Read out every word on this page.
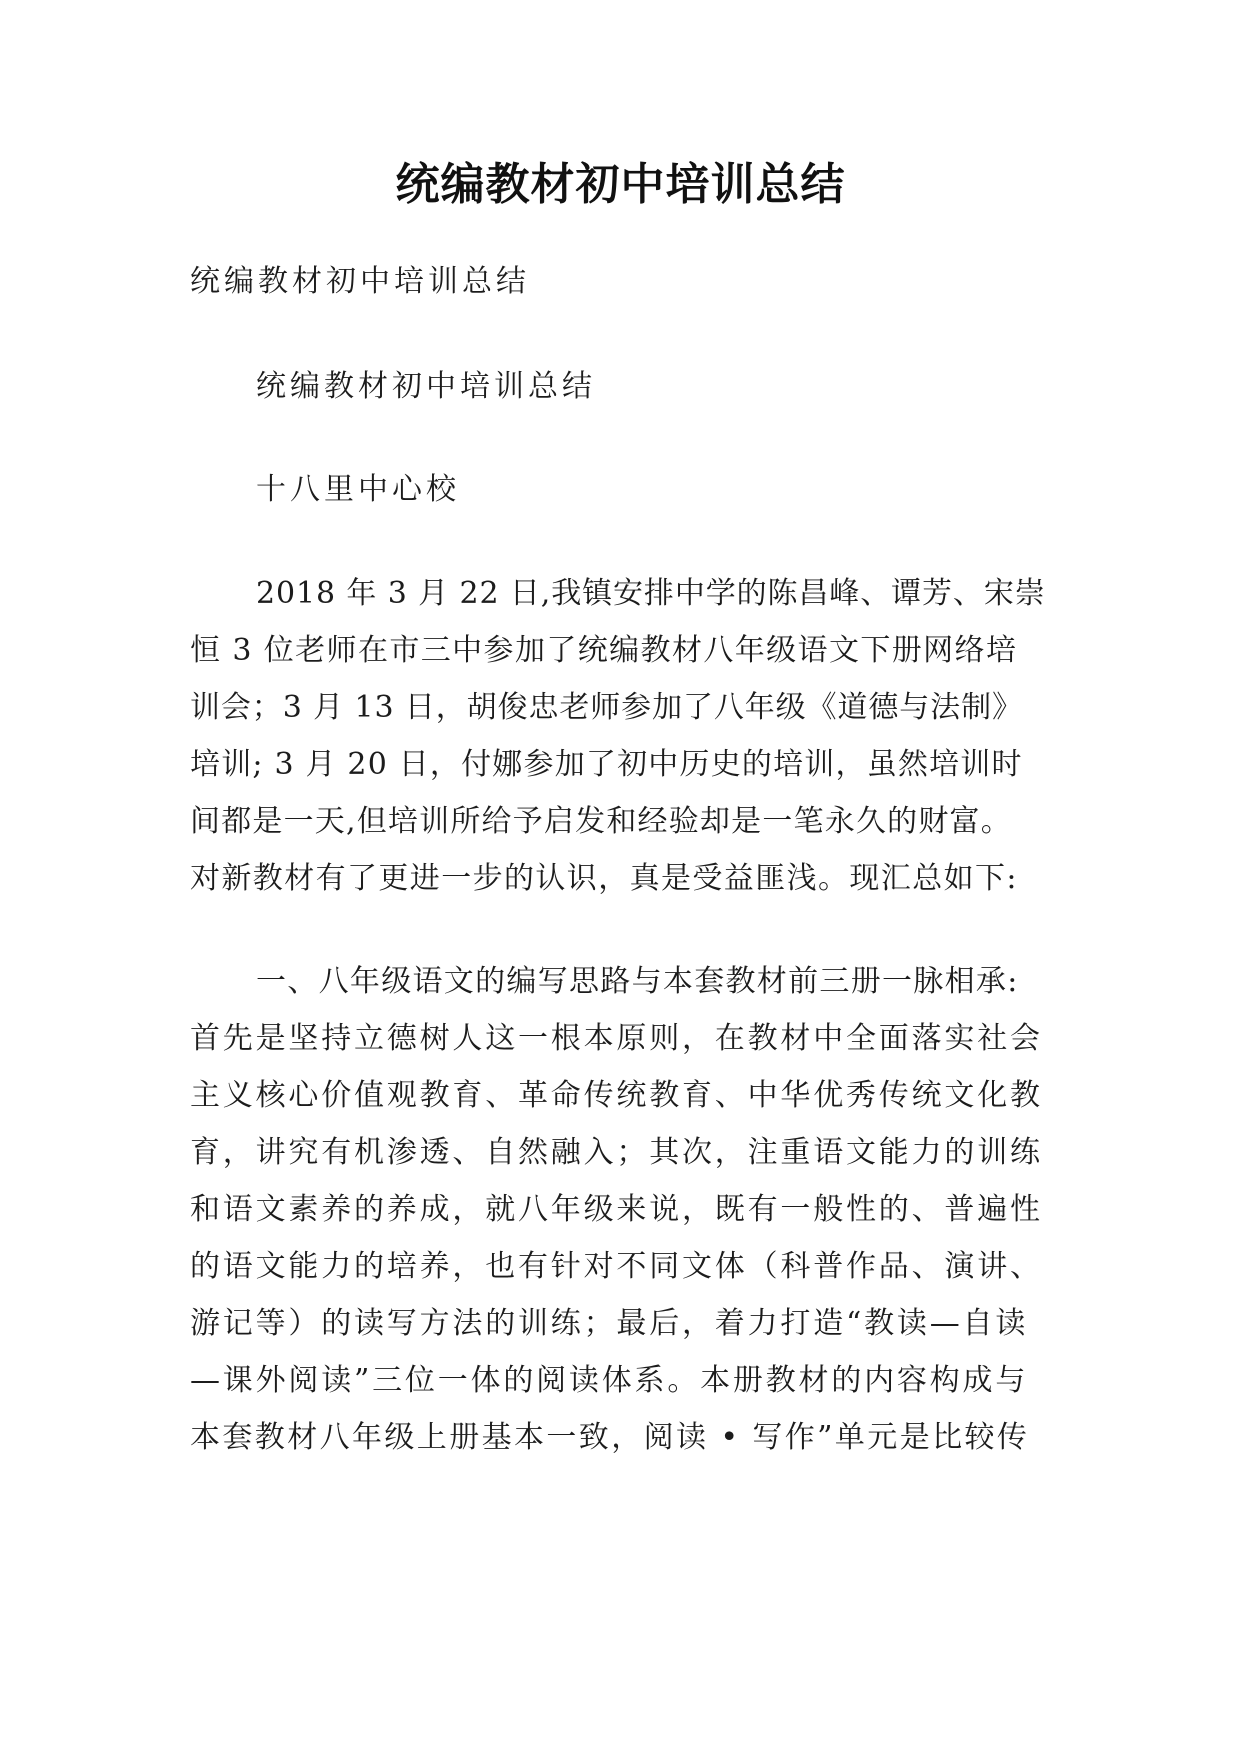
统编教材初中培训总结
统编教材初中培训总结
统编教材初中培训总结
十八里中心校
2018 年 3 月 22 日,我镇安排中学的陈昌峰、谭芳、宋崇
恒 3 位老师在市三中参加了统编教材八年级语文下册网络培
训会；3 月 13 日，胡俊忠老师参加了八年级《道德与法制》
培训; 3 月 20 日，付娜参加了初中历史的培训，虽然培训时
间都是一天,但培训所给予启发和经验却是一笔永久的财富。
对新教材有了更进一步的认识，真是受益匪浅。现汇总如下:
一、八年级语文的编写思路与本套教材前三册一脉相承:
首先是坚持立德树人这一根本原则，在教材中全面落实社会
主义核心价值观教育、革命传统教育、中华优秀传统文化教
育，讲究有机渗透、自然融入；其次，注重语文能力的训练
和语文素养的养成，就八年级来说，既有一般性的、普遍性
的语文能力的培养，也有针对不同文体（科普作品、演讲、
游记等）的读写方法的训练；最后，着力打造“教读—自读
—课外阅读”三位一体的阅读体系。本册教材的内容构成与
本套教材八年级上册基本一致，阅读 • 写作”单元是比较传
